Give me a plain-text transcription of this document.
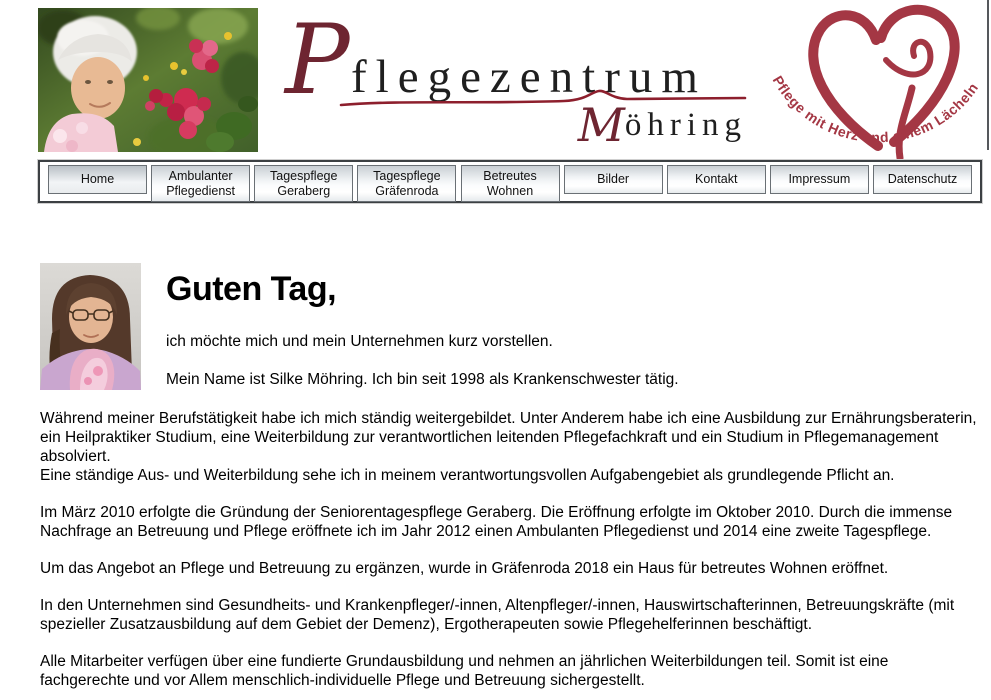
P flegezentrum
Möhring
Pflege mit Herz und einem Lächeln
Home	Ambulanter Pflegedienst
Tagespflege Geraberg
Tagespflege Gräfenroda
Betreutes Wohnen
Bilder	Kontakt	Impressum	Datenschutz
Guten Tag,
ich möchte mich und mein Unternehmen kurz vorstellen.
Mein Name ist Silke Möhring. Ich bin seit 1998 als Krankenschwester tätig.

Während meiner Berufstätigkeit habe ich mich ständig weitergebildet. Unter Anderem habe ich eine Ausbildung zur Ernährungsberaterin, ein Heilpraktiker Studium, eine Weiterbildung zur verantwortlichen leitenden Pflegefachkraft und ein Studium in Pflegemanagement absolviert.
Eine ständige Aus- und Weiterbildung sehe ich in meinem verantwortungsvollen Aufgabengebiet als grundlegende Pflicht an.

Im März 2010 erfolgte die Gründung der Seniorentagespflege Geraberg. Die Eröffnung erfolgte im Oktober 2010. Durch die immense Nachfrage an Betreuung und Pflege eröffnete ich im Jahr 2012 einen Ambulanten Pflegedienst und 2014 eine zweite Tagespflege.

Um das Angebot an Pflege und Betreuung zu ergänzen, wurde in Gräfenroda 2018 ein Haus für betreutes Wohnen eröffnet.

In den Unternehmen sind Gesundheits- und Krankenpfleger/-innen, Altenpfleger/-innen, Hauswirtschafterinnen, Betreuungskräfte (mit spezieller Zusatzausbildung auf dem Gebiet der Demenz), Ergotherapeuten sowie Pflegehelferinnen beschäftigt.

Alle Mitarbeiter verfügen über eine fundierte Grundausbildung und nehmen an jährlichen Weiterbildungen teil. Somit ist eine fachgerechte und vor Allem menschlich-individuelle Pflege und Betreuung sichergestellt.
